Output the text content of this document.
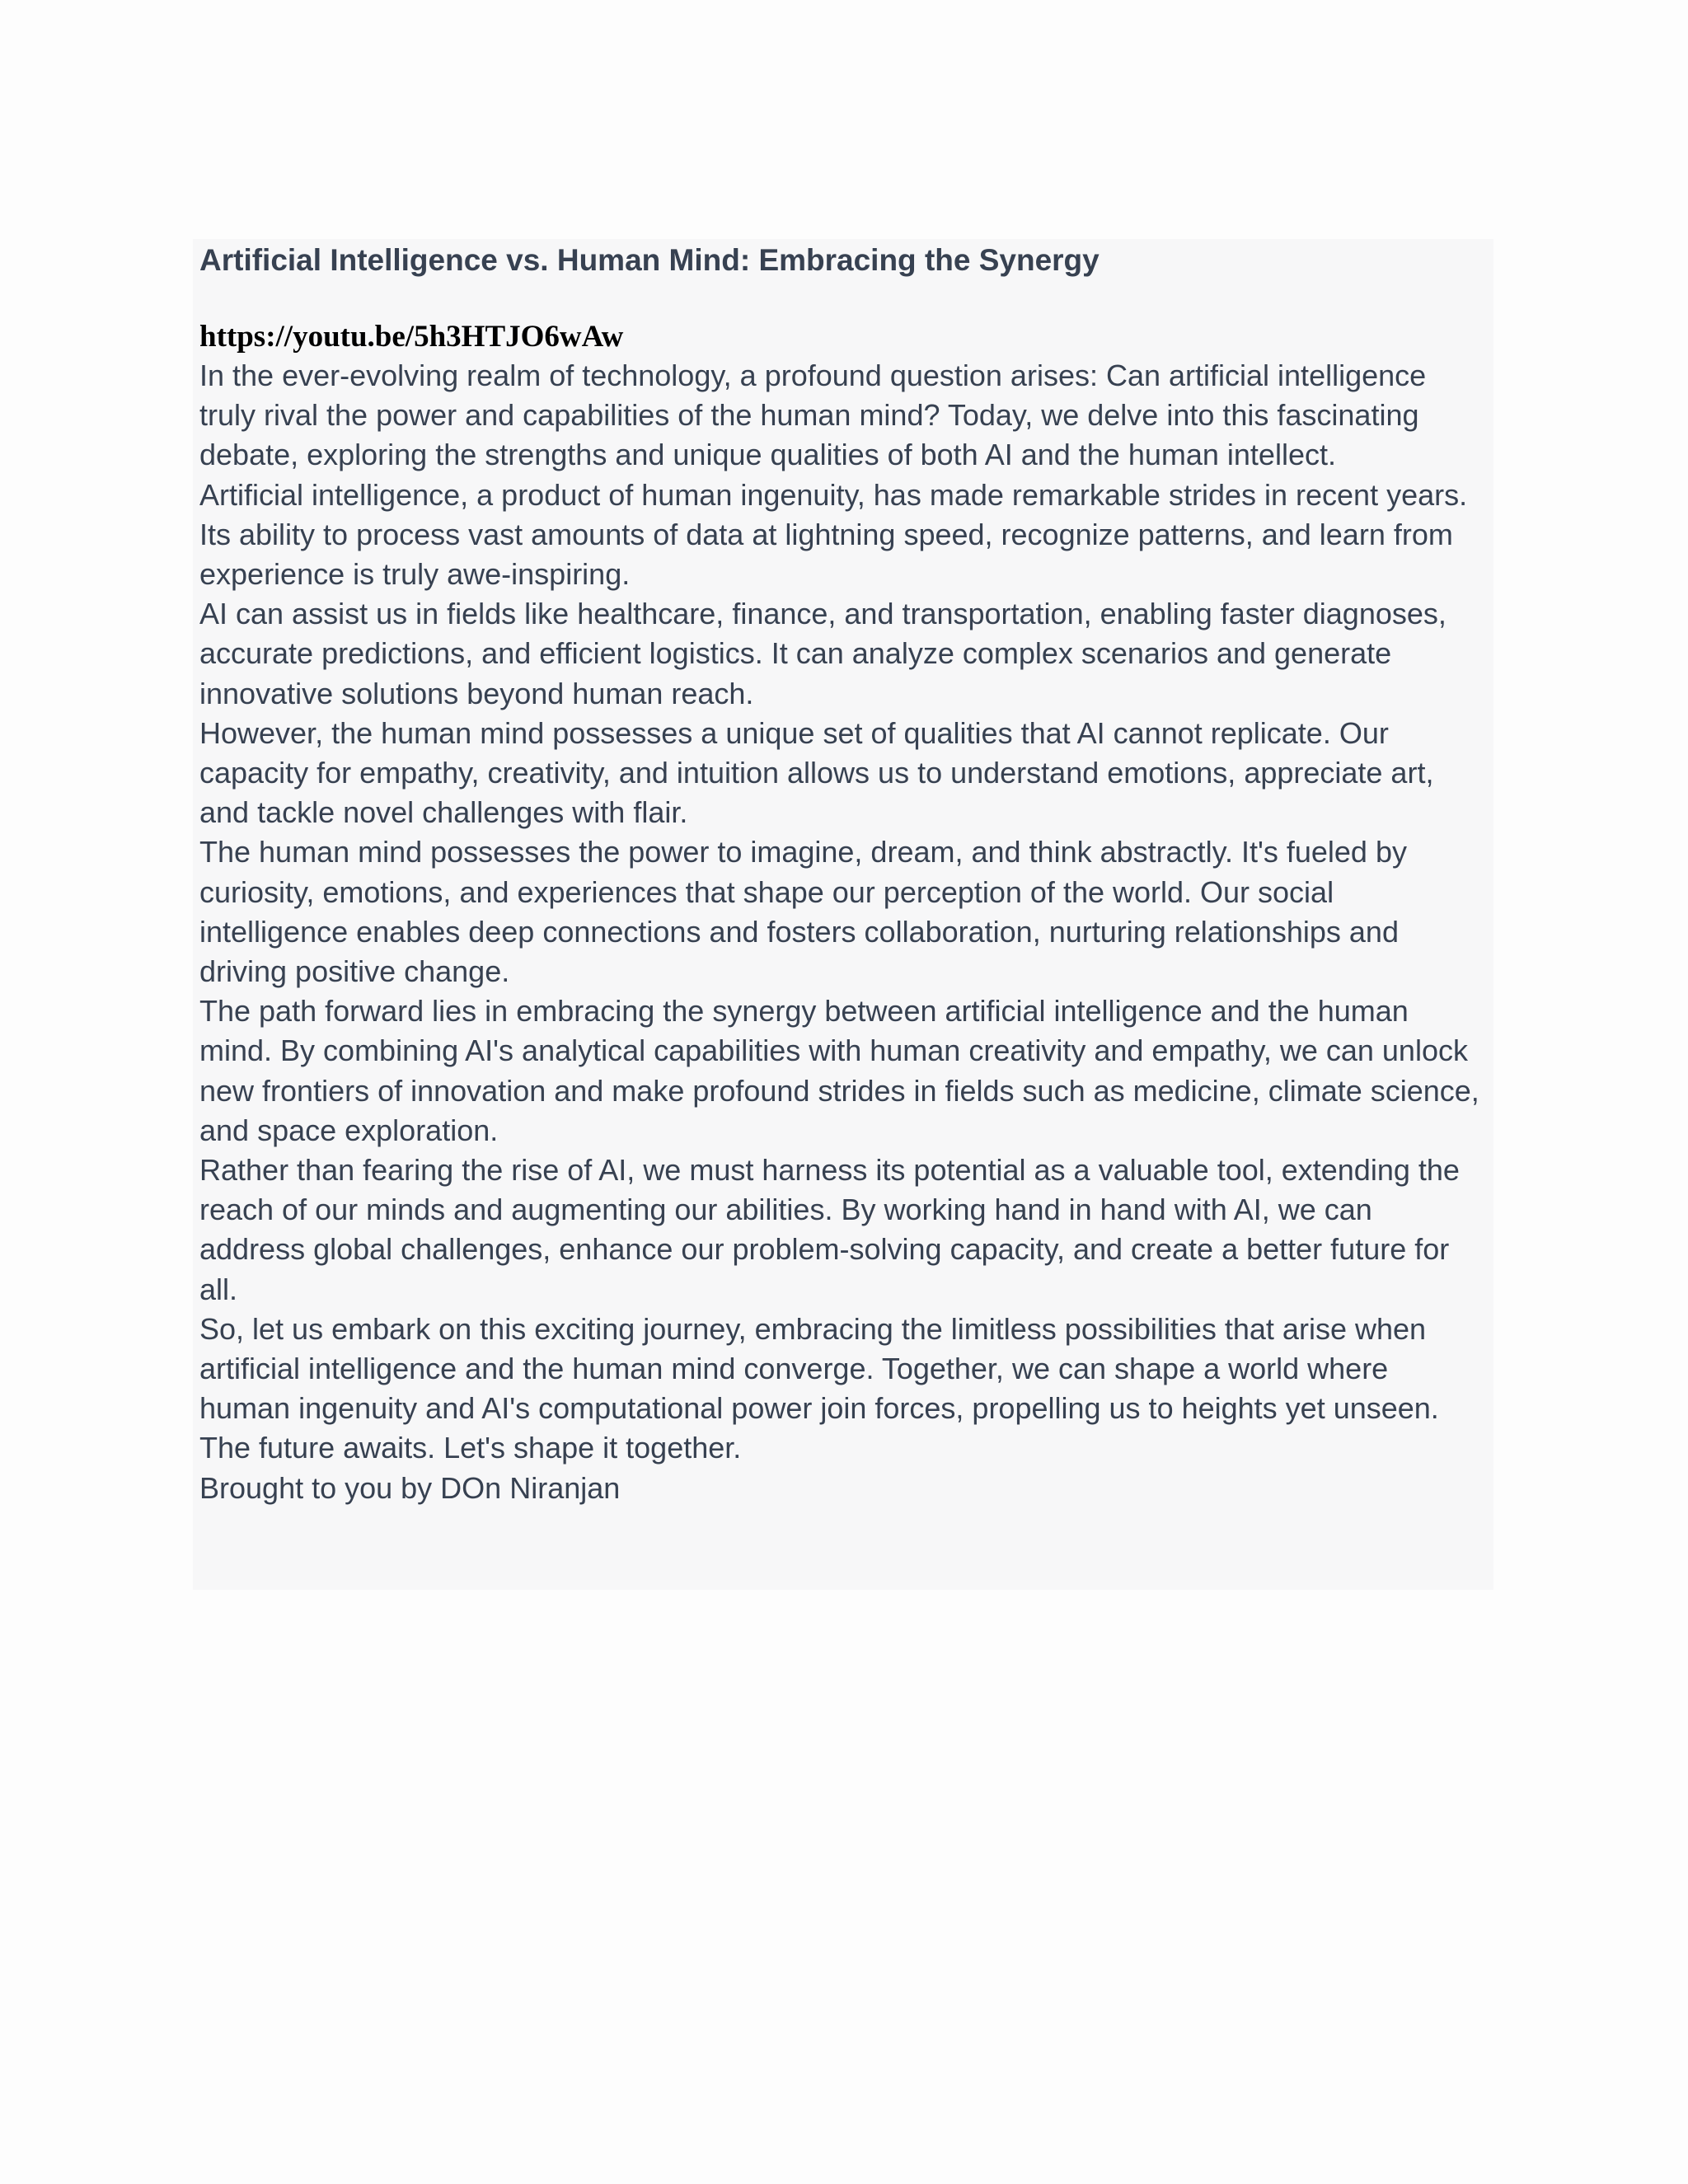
Artificial Intelligence vs. Human Mind: Embracing the Synergy

https://youtu.be/5h3HTJO6wAw

In the ever-evolving realm of technology, a profound question arises: Can artificial intelligence truly rival the power and capabilities of the human mind? Today, we delve into this fascinating debate, exploring the strengths and unique qualities of both AI and the human intellect.

Artificial intelligence, a product of human ingenuity, has made remarkable strides in recent years. Its ability to process vast amounts of data at lightning speed, recognize patterns, and learn from experience is truly awe-inspiring.

AI can assist us in fields like healthcare, finance, and transportation, enabling faster diagnoses, accurate predictions, and efficient logistics. It can analyze complex scenarios and generate innovative solutions beyond human reach.

However, the human mind possesses a unique set of qualities that AI cannot replicate. Our capacity for empathy, creativity, and intuition allows us to understand emotions, appreciate art, and tackle novel challenges with flair.

The human mind possesses the power to imagine, dream, and think abstractly. It's fueled by curiosity, emotions, and experiences that shape our perception of the world. Our social intelligence enables deep connections and fosters collaboration, nurturing relationships and driving positive change.

The path forward lies in embracing the synergy between artificial intelligence and the human mind. By combining AI's analytical capabilities with human creativity and empathy, we can unlock new frontiers of innovation and make profound strides in fields such as medicine, climate science, and space exploration.

Rather than fearing the rise of AI, we must harness its potential as a valuable tool, extending the reach of our minds and augmenting our abilities. By working hand in hand with AI, we can address global challenges, enhance our problem-solving capacity, and create a better future for all.

So, let us embark on this exciting journey, embracing the limitless possibilities that arise when artificial intelligence and the human mind converge. Together, we can shape a world where human ingenuity and AI's computational power join forces, propelling us to heights yet unseen.

The future awaits. Let's shape it together.

Brought to you by DOn Niranjan
